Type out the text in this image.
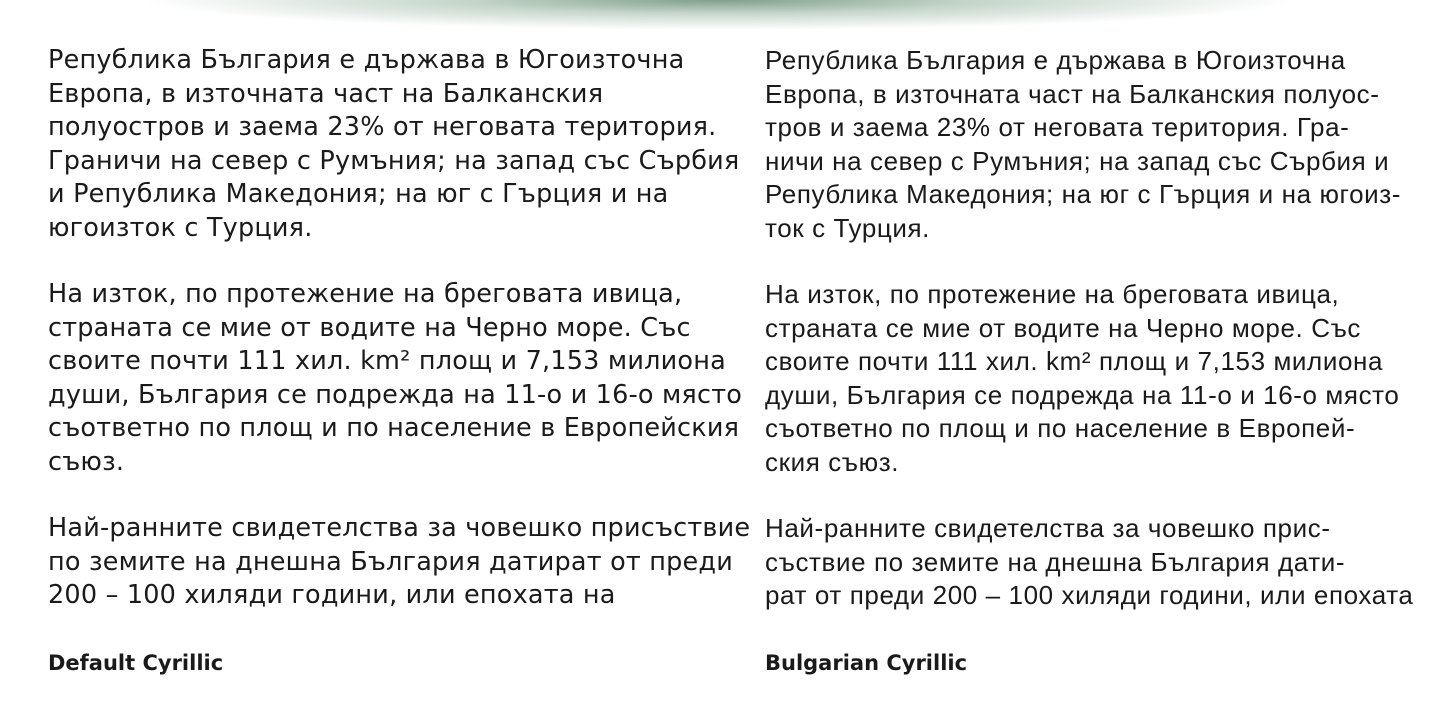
Република България е държава в Югоизточна
Европа, в източната част на Балканския
полуостров и заема 23% от неговата територия.
Граничи на север с Румъния; на запад със Сърбия
и Република Македония; на юг с Гърция и на
югоизток с Турция.

На изток, по протежение на бреговата ивица,
страната се мие от водите на Черно море. Със
своите почти 111 хил. km² площ и 7,153 милиона
души, България се подрежда на 11-о и 16-о място
съответно по площ и по население в Европейския
съюз.

Най-ранните свидетелства за човешко присъствие
по земите на днешна България датират от преди
200 – 100 хиляди години, или епохата на

Република България е държава в Югоизточна
Европа, в източната част на Балканския полуос-
тров и заема 23% от неговата територия. Гра-
ничи на север с Румъния; на запад със Сърбия и
Република Македония; на юг с Гърция и на югоиз-
ток с Турция.

На изток, по протежение на бреговата ивица,
страната се мие от водите на Черно море. Със
своите почти 111 хил. km² площ и 7,153 милиона
души, България се подрежда на 11-о и 16-о място
съответно по площ и по население в Европей-
ския съюз.

Най-ранните свидетелства за човешко прис-
съствие по земите на днешна България дати-
рат от преди 200 – 100 хиляди години, или епохата

Default Cyrillic	Bulgarian Cyrillic
